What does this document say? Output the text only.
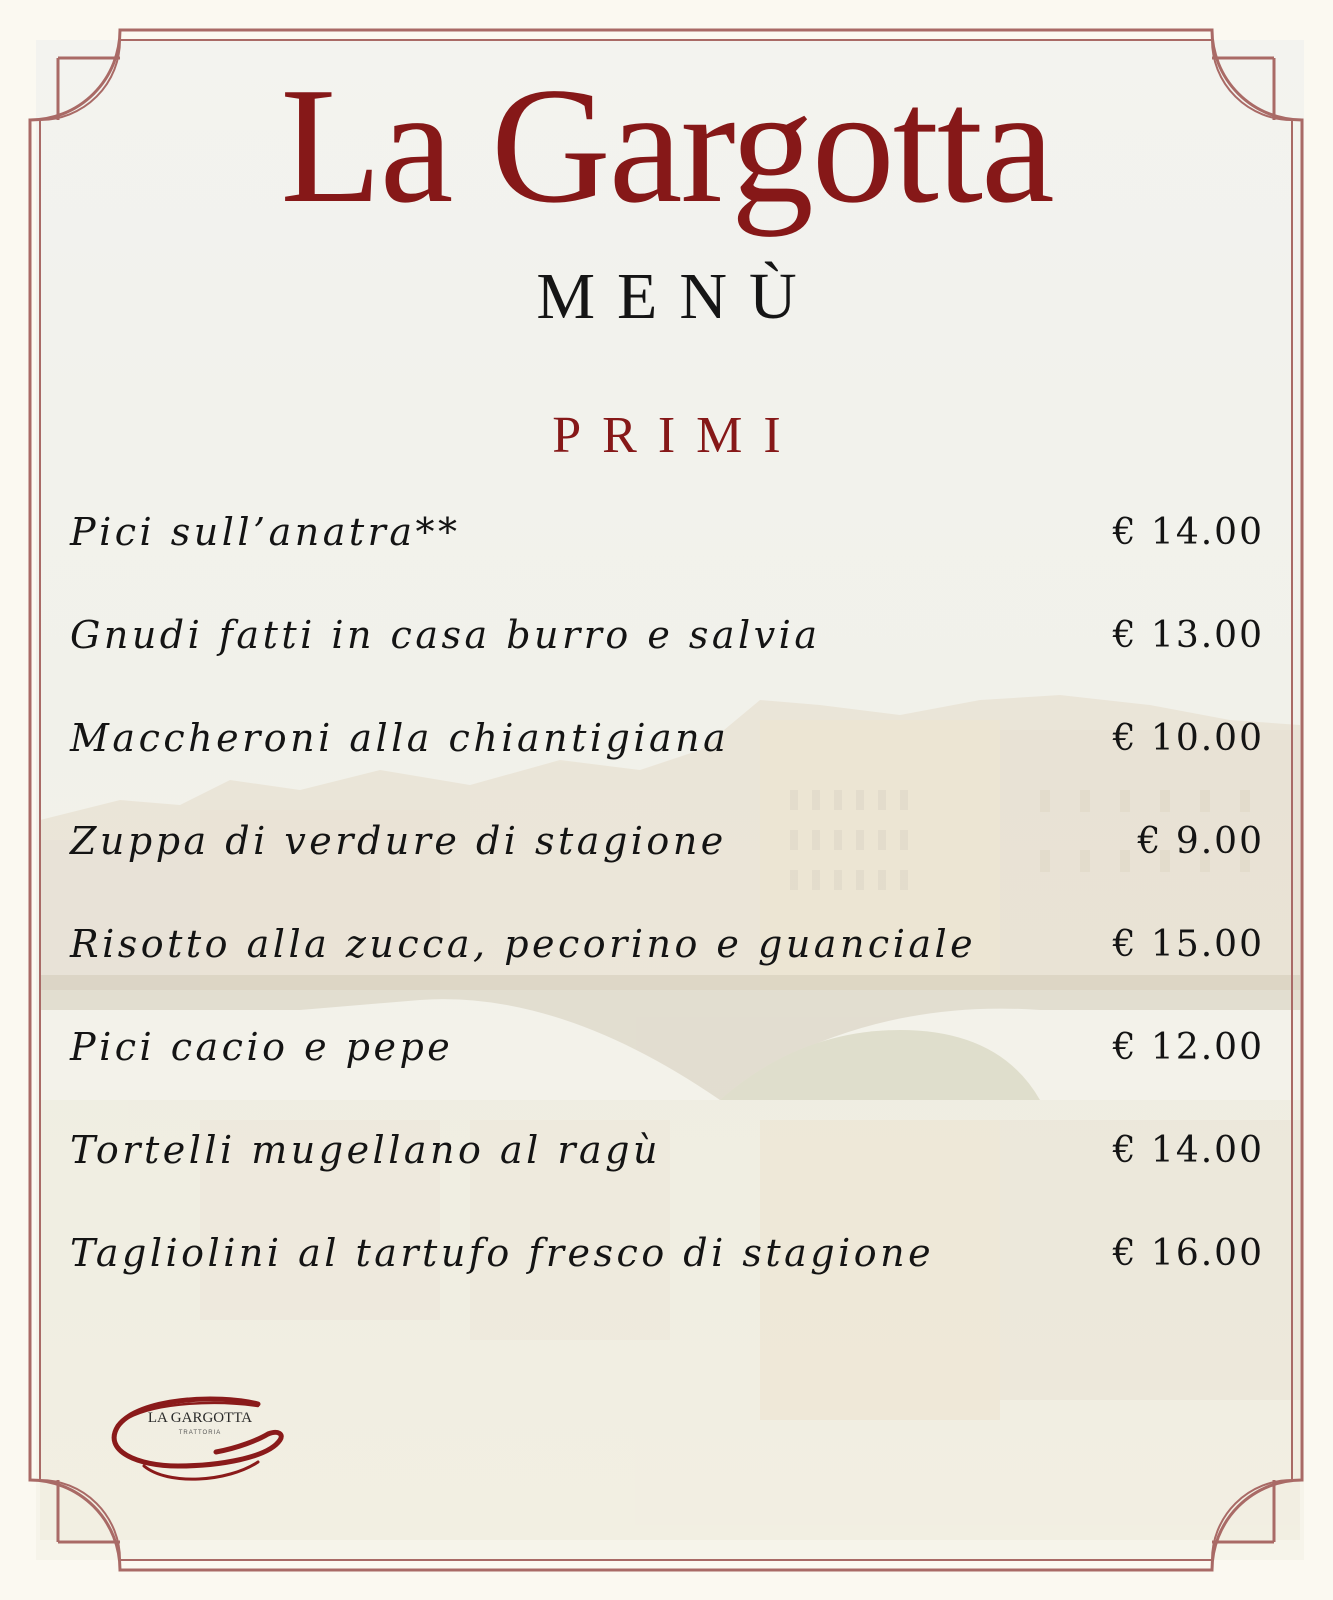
La Gargotta
MENÙ
PRIMI
Pici sull’anatra**	€ 14.00
Gnudi fatti in casa burro e salvia	€ 13.00
Maccheroni alla chiantigiana	€ 10.00
Zuppa di verdure di stagione	€ 9.00
Risotto alla zucca, pecorino e guanciale	€ 15.00
Pici cacio e pepe	€ 12.00
Tortelli mugellano al ragù	€ 14.00
Tagliolini al tartufo fresco di stagione	€ 16.00
LA GARGOTTA
TRATTORIA
